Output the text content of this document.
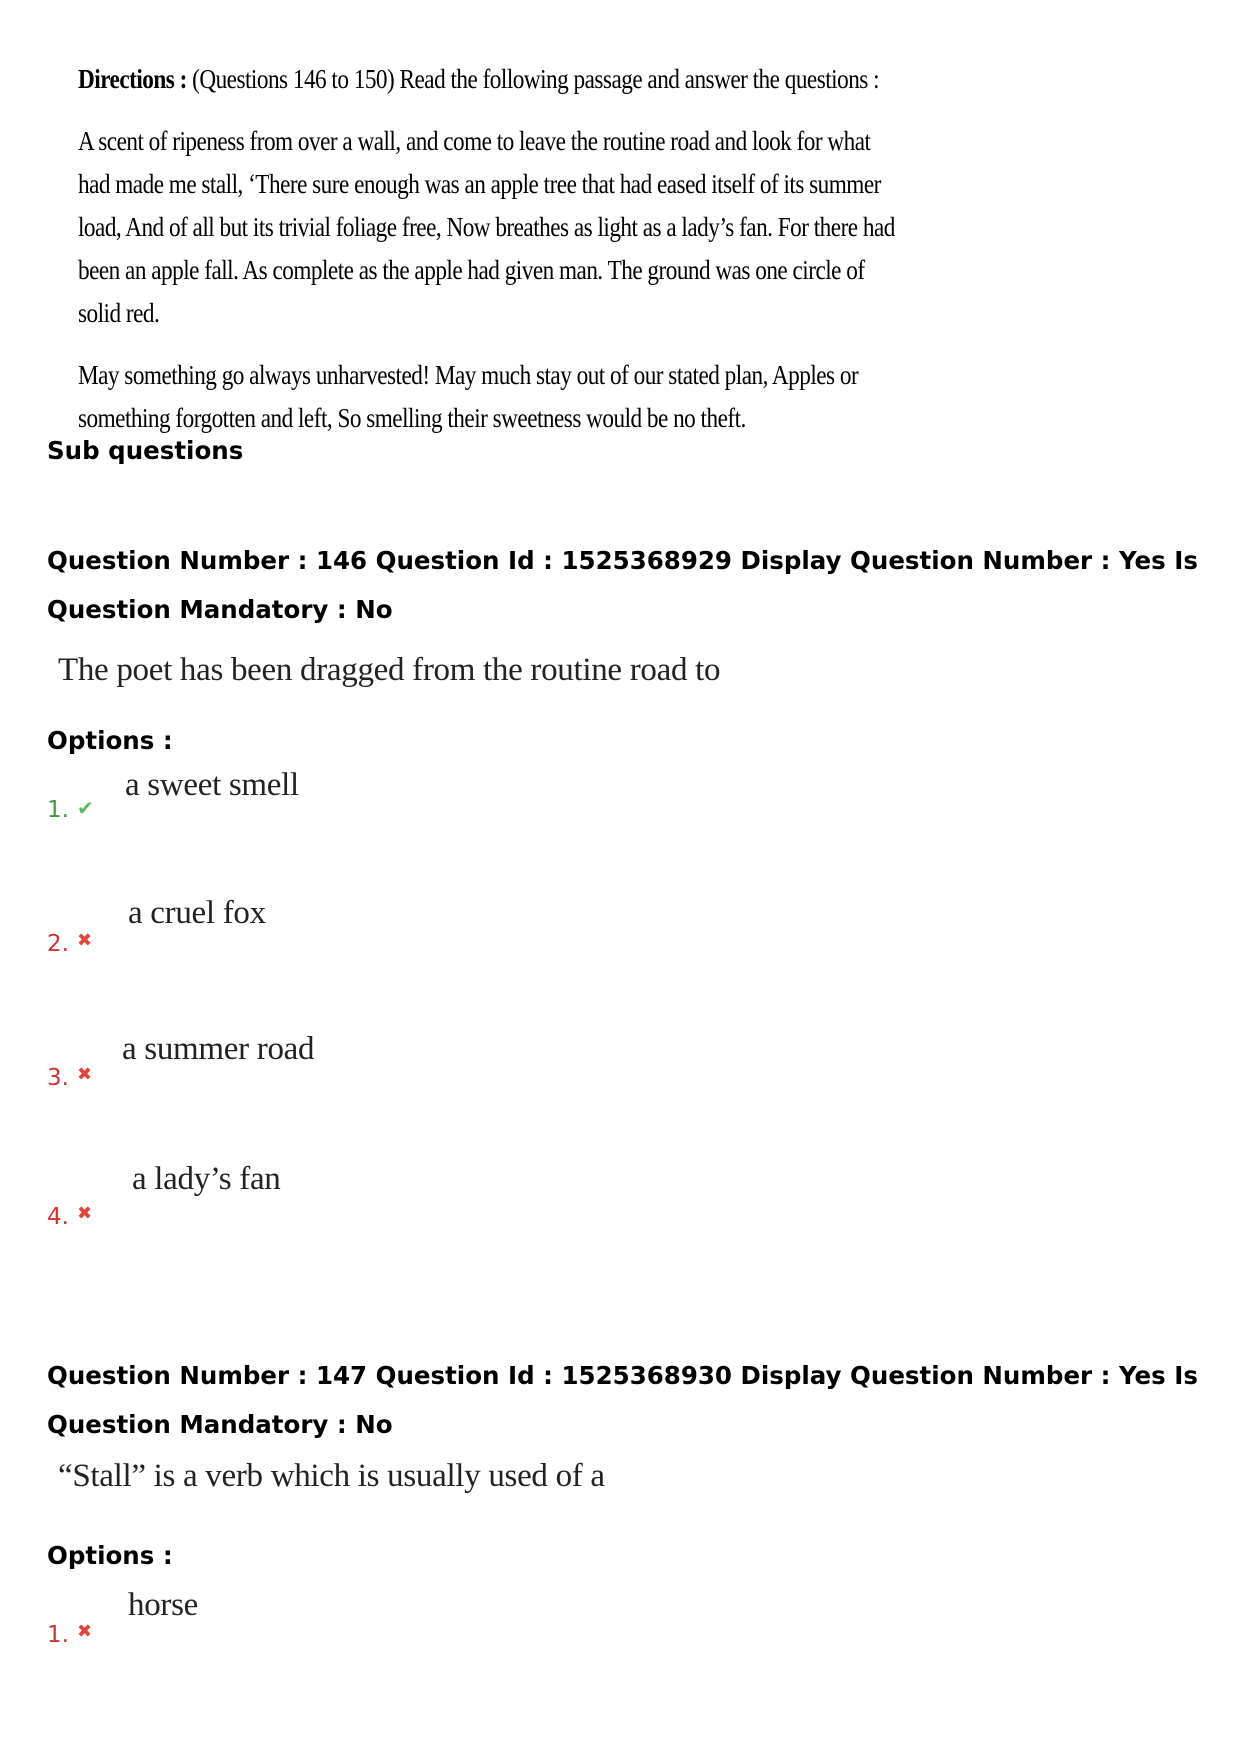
Directions : (Questions 146 to 150) Read the following passage and answer the questions :

A scent of ripeness from over a wall, and come to leave the routine road and look for what had made me stall, ‘There sure enough was an apple tree that had eased itself of its summer load, And of all but its trivial foliage free, Now breathes as light as a lady’s fan. For there had been an apple fall. As complete as the apple had given man. The ground was one circle of solid red.

May something go always unharvested! May much stay out of our stated plan, Apples or something forgotten and left, So smelling their sweetness would be no theft.

Sub questions
Question Number : 146 Question Id : 1525368929 Display Question Number : Yes Is Question Mandatory : No
The poet has been dragged from the routine road to
Options :
a sweet smell
1. ✔
a cruel fox
2. ✖
a summer road
3. ✖
a lady’s fan
4. ✖
Question Number : 147 Question Id : 1525368930 Display Question Number : Yes Is Question Mandatory : No
“Stall” is a verb which is usually used of a
Options :
horse
1. ✖
